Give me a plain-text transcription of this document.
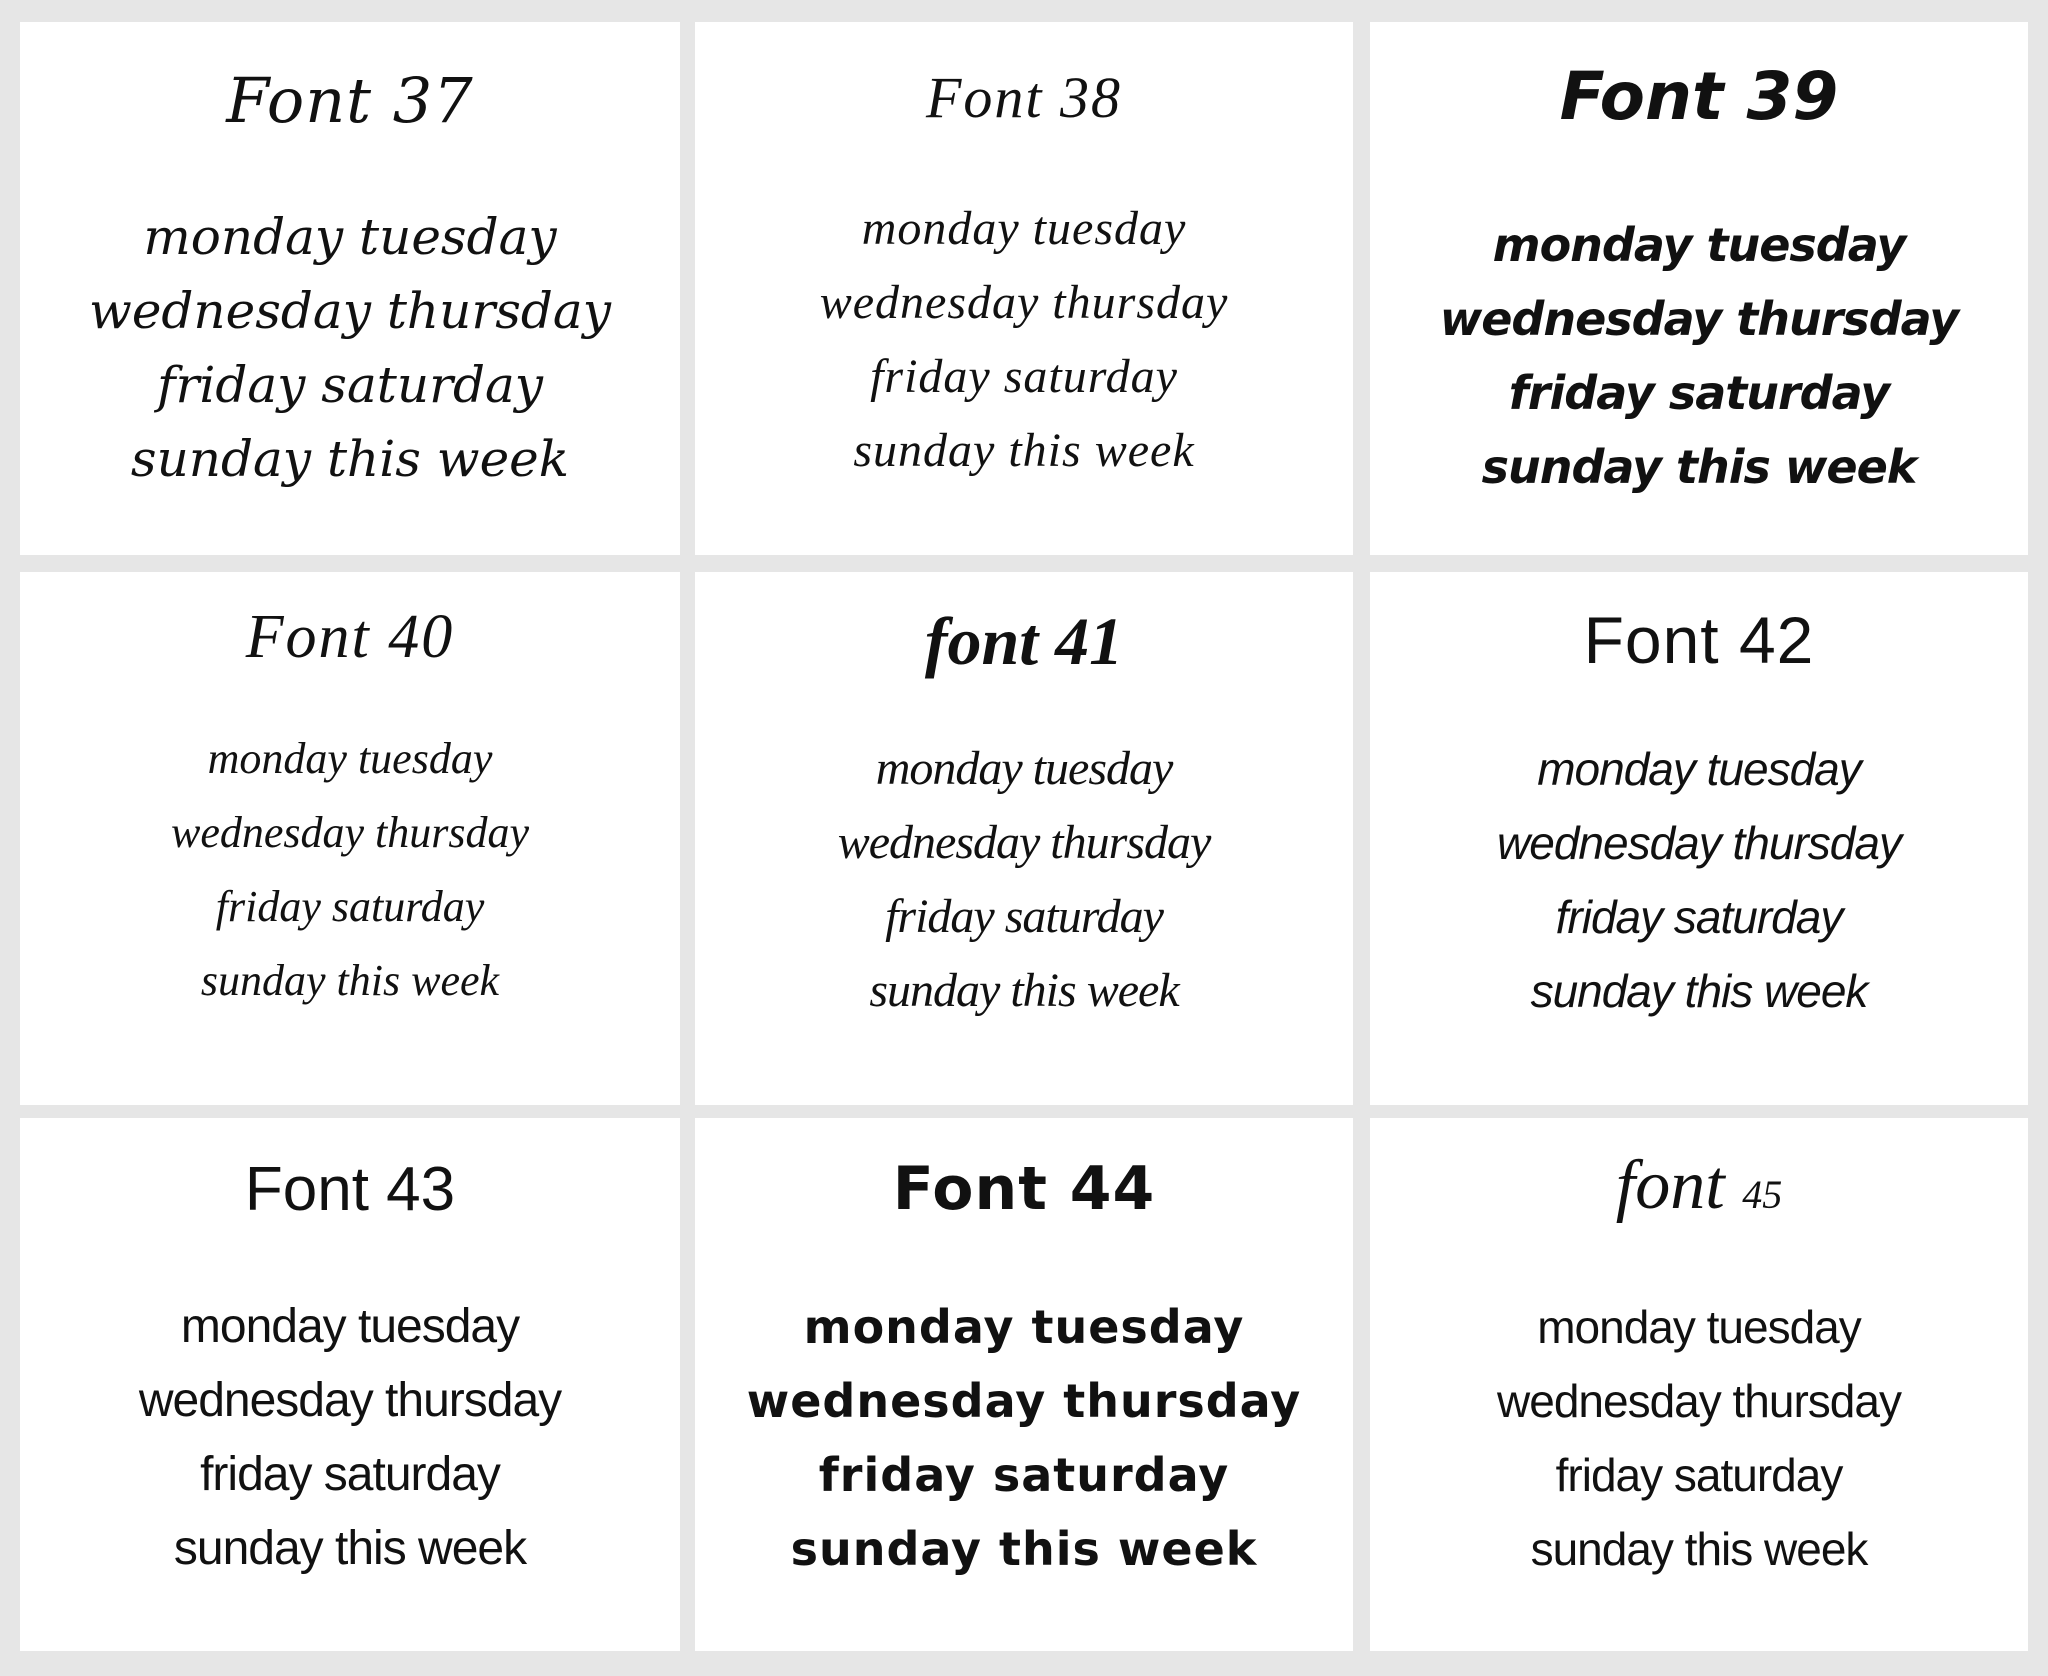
Font 37
monday tuesday
wednesday thursday
friday saturday
sunday this week
Font 38
monday tuesday
wednesday thursday
friday saturday
sunday this week
Font 39
monday tuesday
wednesday thursday
friday saturday
sunday this week
Font 40
monday tuesday
wednesday thursday
friday saturday
sunday this week
font 41
monday tuesday
wednesday thursday
friday saturday
sunday this week
Font 42
monday tuesday
wednesday thursday
friday saturday
sunday this week
Font 43
monday tuesday
wednesday thursday
friday saturday
sunday this week
Font 44
monday tuesday
wednesday thursday
friday saturday
sunday this week
font 45
monday tuesday
wednesday thursday
friday saturday
sunday this week
